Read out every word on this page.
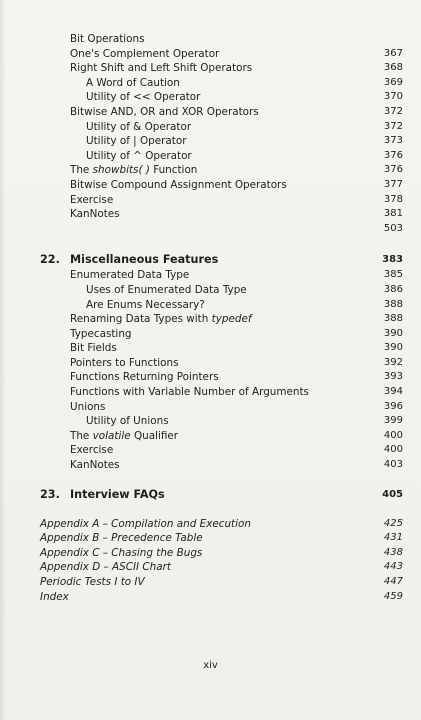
Bit Operations
One's Complement Operator	367
Right Shift and Left Shift Operators	368
A Word of Caution	369
Utility of << Operator	370
Bitwise AND, OR and XOR Operators	372
Utility of & Operator	372
Utility of | Operator	373
Utility of ^ Operator	376
The showbits( ) Function	376
Bitwise Compound Assignment Operators	377
Exercise	378
KanNotes	381
503
22. Miscellaneous Features	383
Enumerated Data Type	385
Uses of Enumerated Data Type	386
Are Enums Necessary?	388
Renaming Data Types with typedef	388
Typecasting	390
Bit Fields	390
Pointers to Functions	392
Functions Returning Pointers	393
Functions with Variable Number of Arguments	394
Unions	396
Utility of Unions	399
The volatile Qualifier	400
Exercise	400
KanNotes	403
23. Interview FAQs	405
Appendix A – Compilation and Execution	425
Appendix B – Precedence Table	431
Appendix C – Chasing the Bugs	438
Appendix D – ASCII Chart	443
Periodic Tests I to IV	447
Index	459
xiv
